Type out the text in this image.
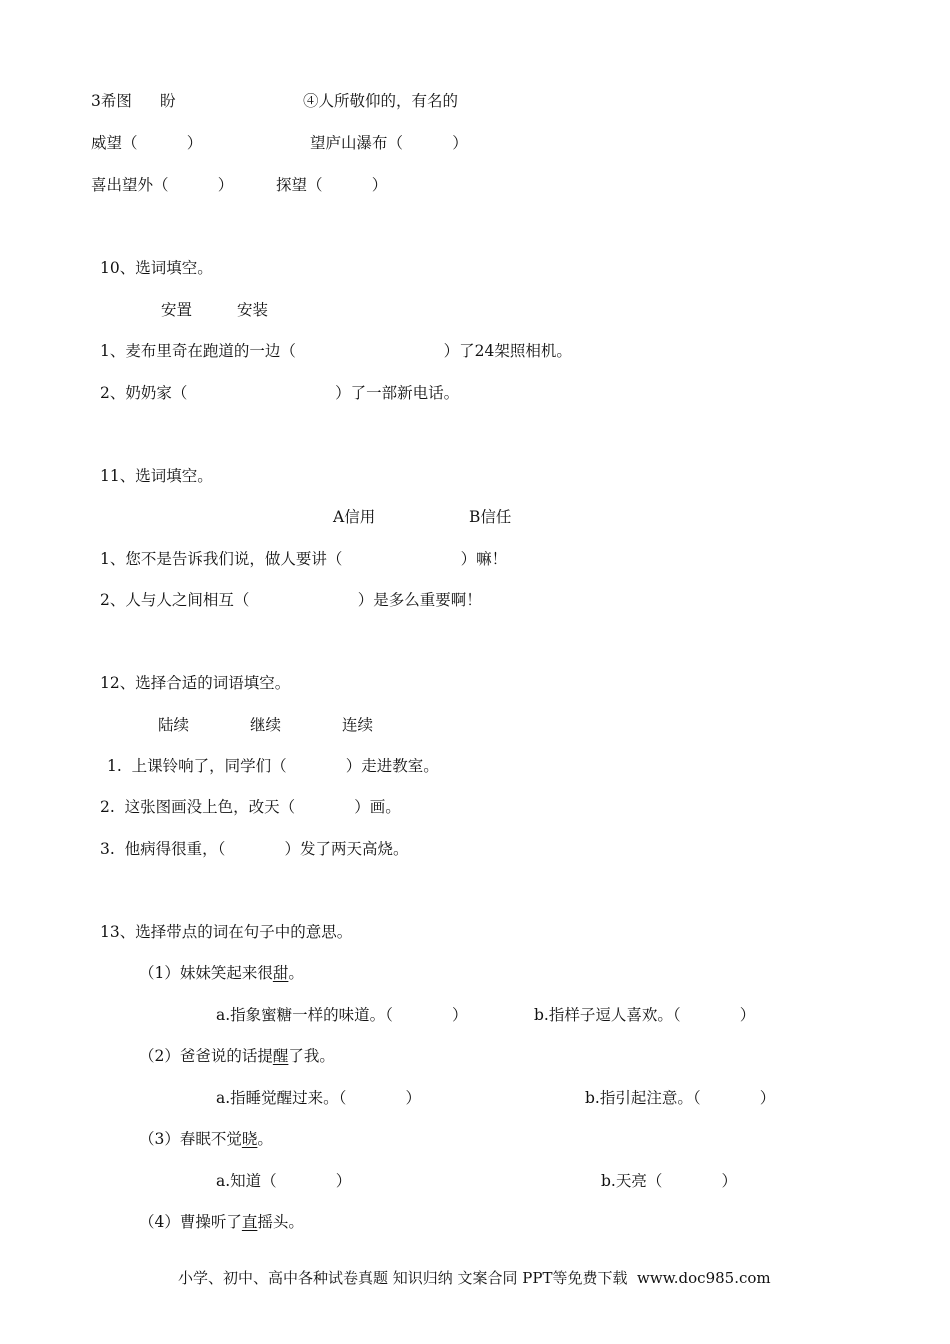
3希图 盼	④人所敬仰的，有名的
威望（          ）	望庐山瀑布（          ）
喜出望外（          ）	探望（          ）
10、选词填空。
安置	安装
1、麦布里奇在跑道的一边（                              ）了24架照相机。
2、奶奶家（                              ）了一部新电话。
11、选词填空。
A信用	B信任
1、您不是告诉我们说，做人要讲（                        ）嘛！
2、人与人之间相互（                      ）是多么重要啊！
12、选择合适的词语填空。
陆续	继续	连续
1.  上课铃响了，同学们（            ）走进教室。
2.  这张图画没上色，改天（            ）画。
3.  他病得很重，（            ）发了两天高烧。
13、选择带点的词在句子中的意思。
（1）妹妹笑起来很甜。
a.指象蜜糖一样的味道。（            ）	b.指样子逗人喜欢。（            ）
（2）爸爸说的话提醒了我。
a.指睡觉醒过来。（            ）	b.指引起注意。（            ）
（3）春眠不觉晓。
a.知道（            ）	b.天亮（            ）
（4）曹操听了直摇头。
小学、初中、高中各种试卷真题 知识归纳 文案合同 PPT等免费下载  www.doc985.com
